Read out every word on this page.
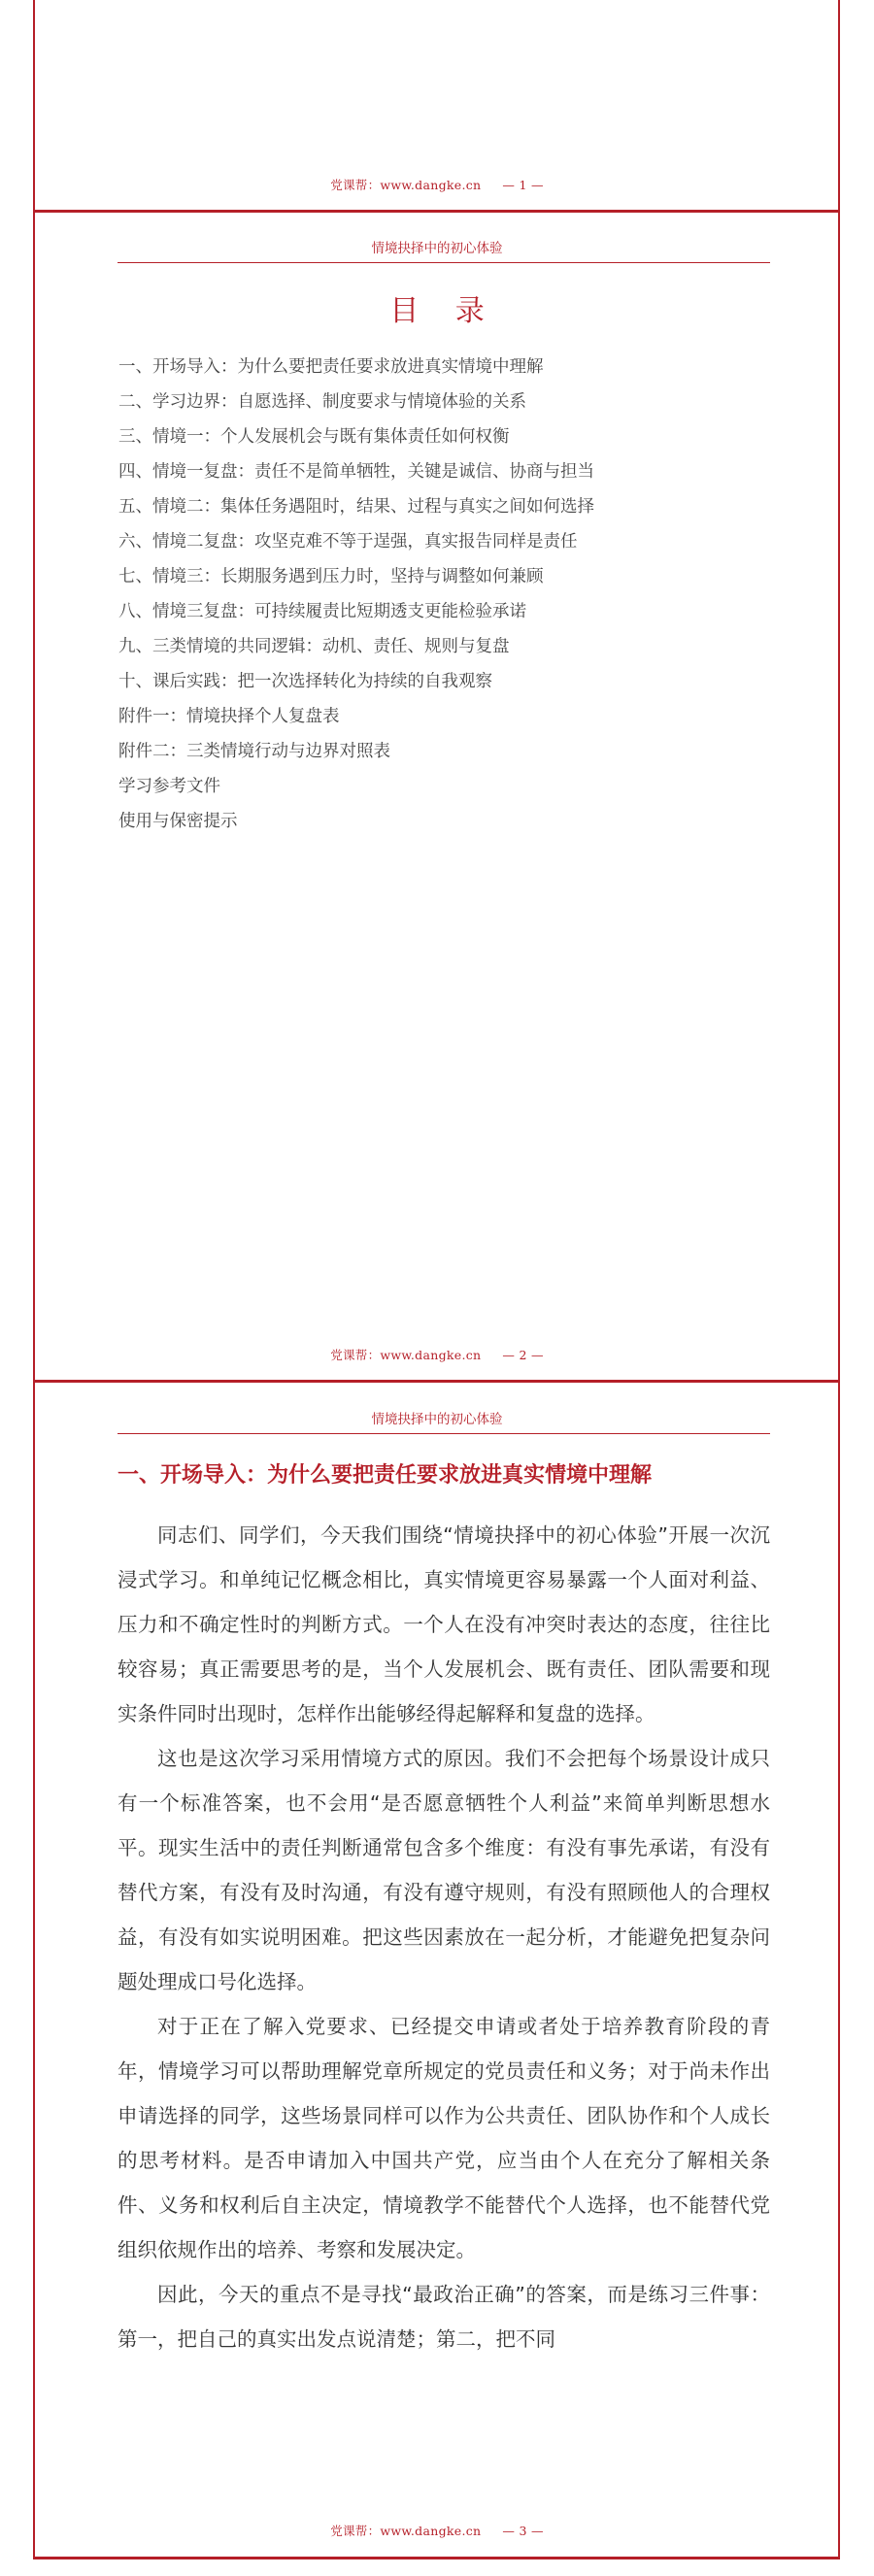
党课帮：www.dangke.cn — 1 —
情境抉择中的初心体验
目 录
一、开场导入：为什么要把责任要求放进真实情境中理解
二、学习边界：自愿选择、制度要求与情境体验的关系
三、情境一：个人发展机会与既有集体责任如何权衡
四、情境一复盘：责任不是简单牺牲，关键是诚信、协商与担当
五、情境二：集体任务遇阻时，结果、过程与真实之间如何选择
六、情境二复盘：攻坚克难不等于逞强，真实报告同样是责任
七、情境三：长期服务遇到压力时，坚持与调整如何兼顾
八、情境三复盘：可持续履责比短期透支更能检验承诺
九、三类情境的共同逻辑：动机、责任、规则与复盘
十、课后实践：把一次选择转化为持续的自我观察
附件一：情境抉择个人复盘表
附件二：三类情境行动与边界对照表
学习参考文件
使用与保密提示
党课帮：www.dangke.cn — 2 —
情境抉择中的初心体验
一、开场导入：为什么要把责任要求放进真实情境中理解

同志们、同学们，今天我们围绕“情境抉择中的初心体验”开展一次沉浸式学习。和单纯记忆概念相比，真实情境更容易暴露一个人面对利益、压力和不确定性时的判断方式。一个人在没有冲突时表达的态度，往往比较容易；真正需要思考的是，当个人发展机会、既有责任、团队需要和现实条件同时出现时，怎样作出能够经得起解释和复盘的选择。

这也是这次学习采用情境方式的原因。我们不会把每个场景设计成只有一个标准答案，也不会用“是否愿意牺牲个人利益”来简单判断思想水平。现实生活中的责任判断通常包含多个维度：有没有事先承诺，有没有替代方案，有没有及时沟通，有没有遵守规则，有没有照顾他人的合理权益，有没有如实说明困难。把这些因素放在一起分析，才能避免把复杂问题处理成口号化选择。

对于正在了解入党要求、已经提交申请或者处于培养教育阶段的青年，情境学习可以帮助理解党章所规定的党员责任和义务；对于尚未作出申请选择的同学，这些场景同样可以作为公共责任、团队协作和个人成长的思考材料。是否申请加入中国共产党，应当由个人在充分了解相关条件、义务和权利后自主决定，情境教学不能替代个人选择，也不能替代党组织依规作出的培养、考察和发展决定。

因此，今天的重点不是寻找“最政治正确”的答案，而是练习三件事：第一，把自己的真实出发点说清楚；第二，把不同

党课帮：www.dangke.cn — 3 —
